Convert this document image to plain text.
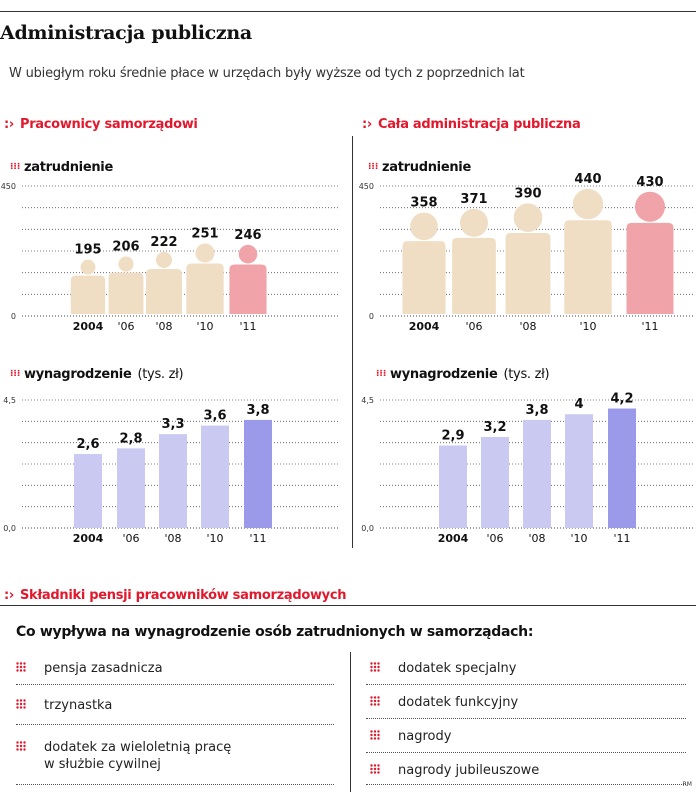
Administracja publiczna
W ubiegłym roku średnie płace w urzędach były wyższe od tych z poprzednich lat
:› Pracownicy samorządowi	:› Cała administracja publiczna
⁝⁝⁝ zatrudnienie	⁝⁝⁝ zatrudnienie
⁝⁝⁝ wynagrodzenie (tys. zł)	⁝⁝⁝ wynagrodzenie (tys. zł)
0
450
195
2004
206
'06
222
'08
251
'10
246
'11
0
450
358
2004
371
'06
390
'08
440
'10
430
'11
0,0
4,5
2,6
2004
2,8
'06
3,3
'08
3,6
'10
3,8
'11
0,0
4,5
2,9
2004
3,2
'06
3,8
'08
4
'10
4,2
'11
:› Składniki pensji pracowników samorządowych
Co wypływa na wynagrodzenie osób zatrudnionych w samorządach:
pensja zasadnicza
trzynastka
dodatek za wieloletnią pracę
w służbie cywilnej
dodatek specjalny
dodatek funkcyjny
nagrody
nagrody jubileuszowe
RM
